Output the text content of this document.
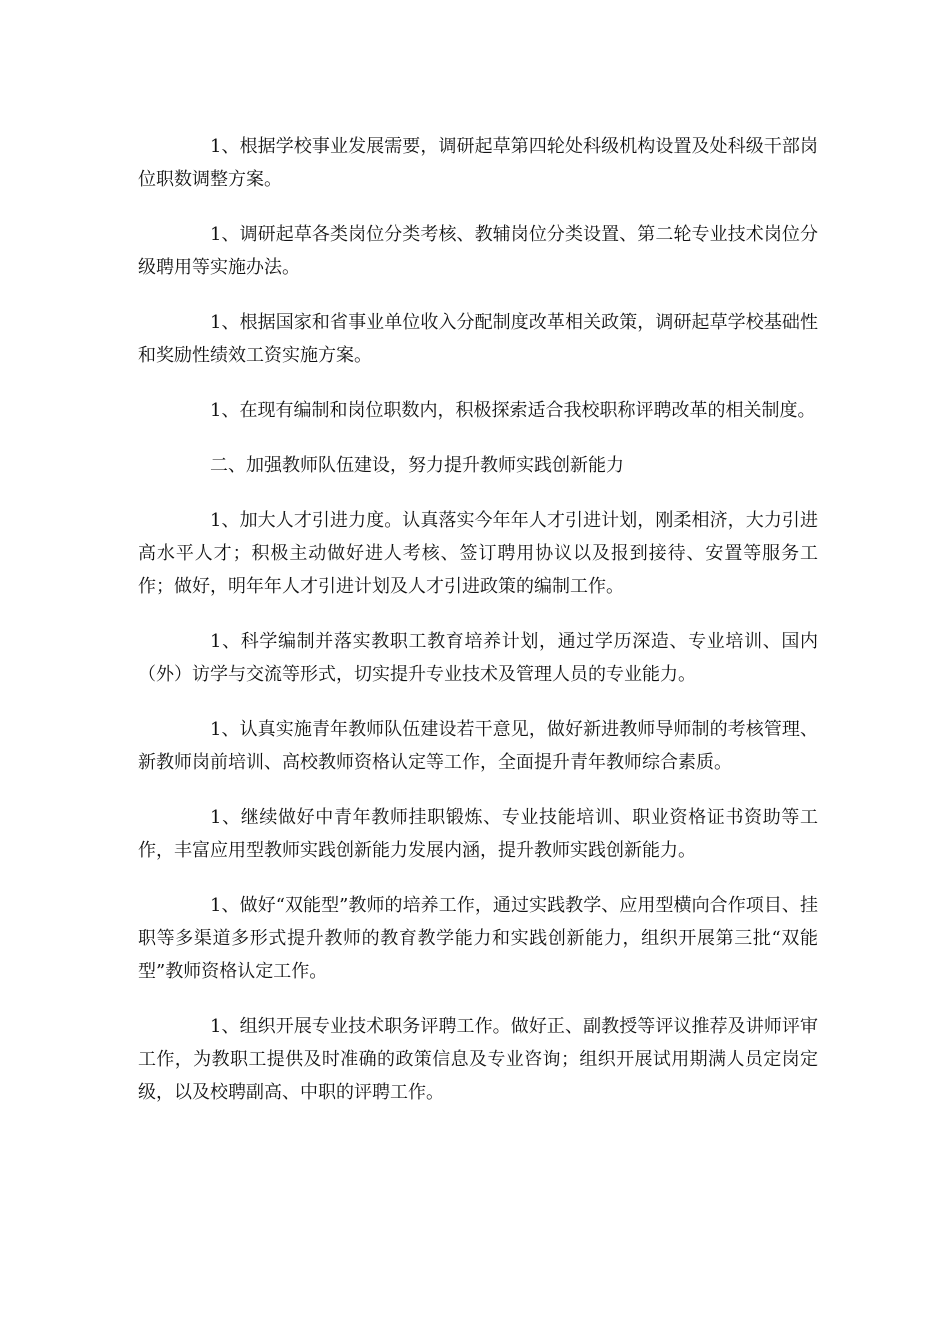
1、根据学校事业发展需要，调研起草第四轮处科级机构设置及处科级干部岗位职数调整方案。

1、调研起草各类岗位分类考核、教辅岗位分类设置、第二轮专业技术岗位分级聘用等实施办法。

1、根据国家和省事业单位收入分配制度改革相关政策，调研起草学校基础性和奖励性绩效工资实施方案。

1、在现有编制和岗位职数内，积极探索适合我校职称评聘改革的相关制度。

二、加强教师队伍建设，努力提升教师实践创新能力

1、加大人才引进力度。认真落实今年年人才引进计划，刚柔相济，大力引进高水平人才；积极主动做好进人考核、签订聘用协议以及报到接待、安置等服务工作；做好，明年年人才引进计划及人才引进政策的编制工作。

1、科学编制并落实教职工教育培养计划，通过学历深造、专业培训、国内（外）访学与交流等形式，切实提升专业技术及管理人员的专业能力。

1、认真实施青年教师队伍建设若干意见，做好新进教师导师制的考核管理、新教师岗前培训、高校教师资格认定等工作，全面提升青年教师综合素质。

1、继续做好中青年教师挂职锻炼、专业技能培训、职业资格证书资助等工作，丰富应用型教师实践创新能力发展内涵，提升教师实践创新能力。

1、做好“双能型”教师的培养工作，通过实践教学、应用型横向合作项目、挂职等多渠道多形式提升教师的教育教学能力和实践创新能力，组织开展第三批“双能型”教师资格认定工作。

1、组织开展专业技术职务评聘工作。做好正、副教授等评议推荐及讲师评审工作，为教职工提供及时准确的政策信息及专业咨询；组织开展试用期满人员定岗定级，以及校聘副高、中职的评聘工作。
